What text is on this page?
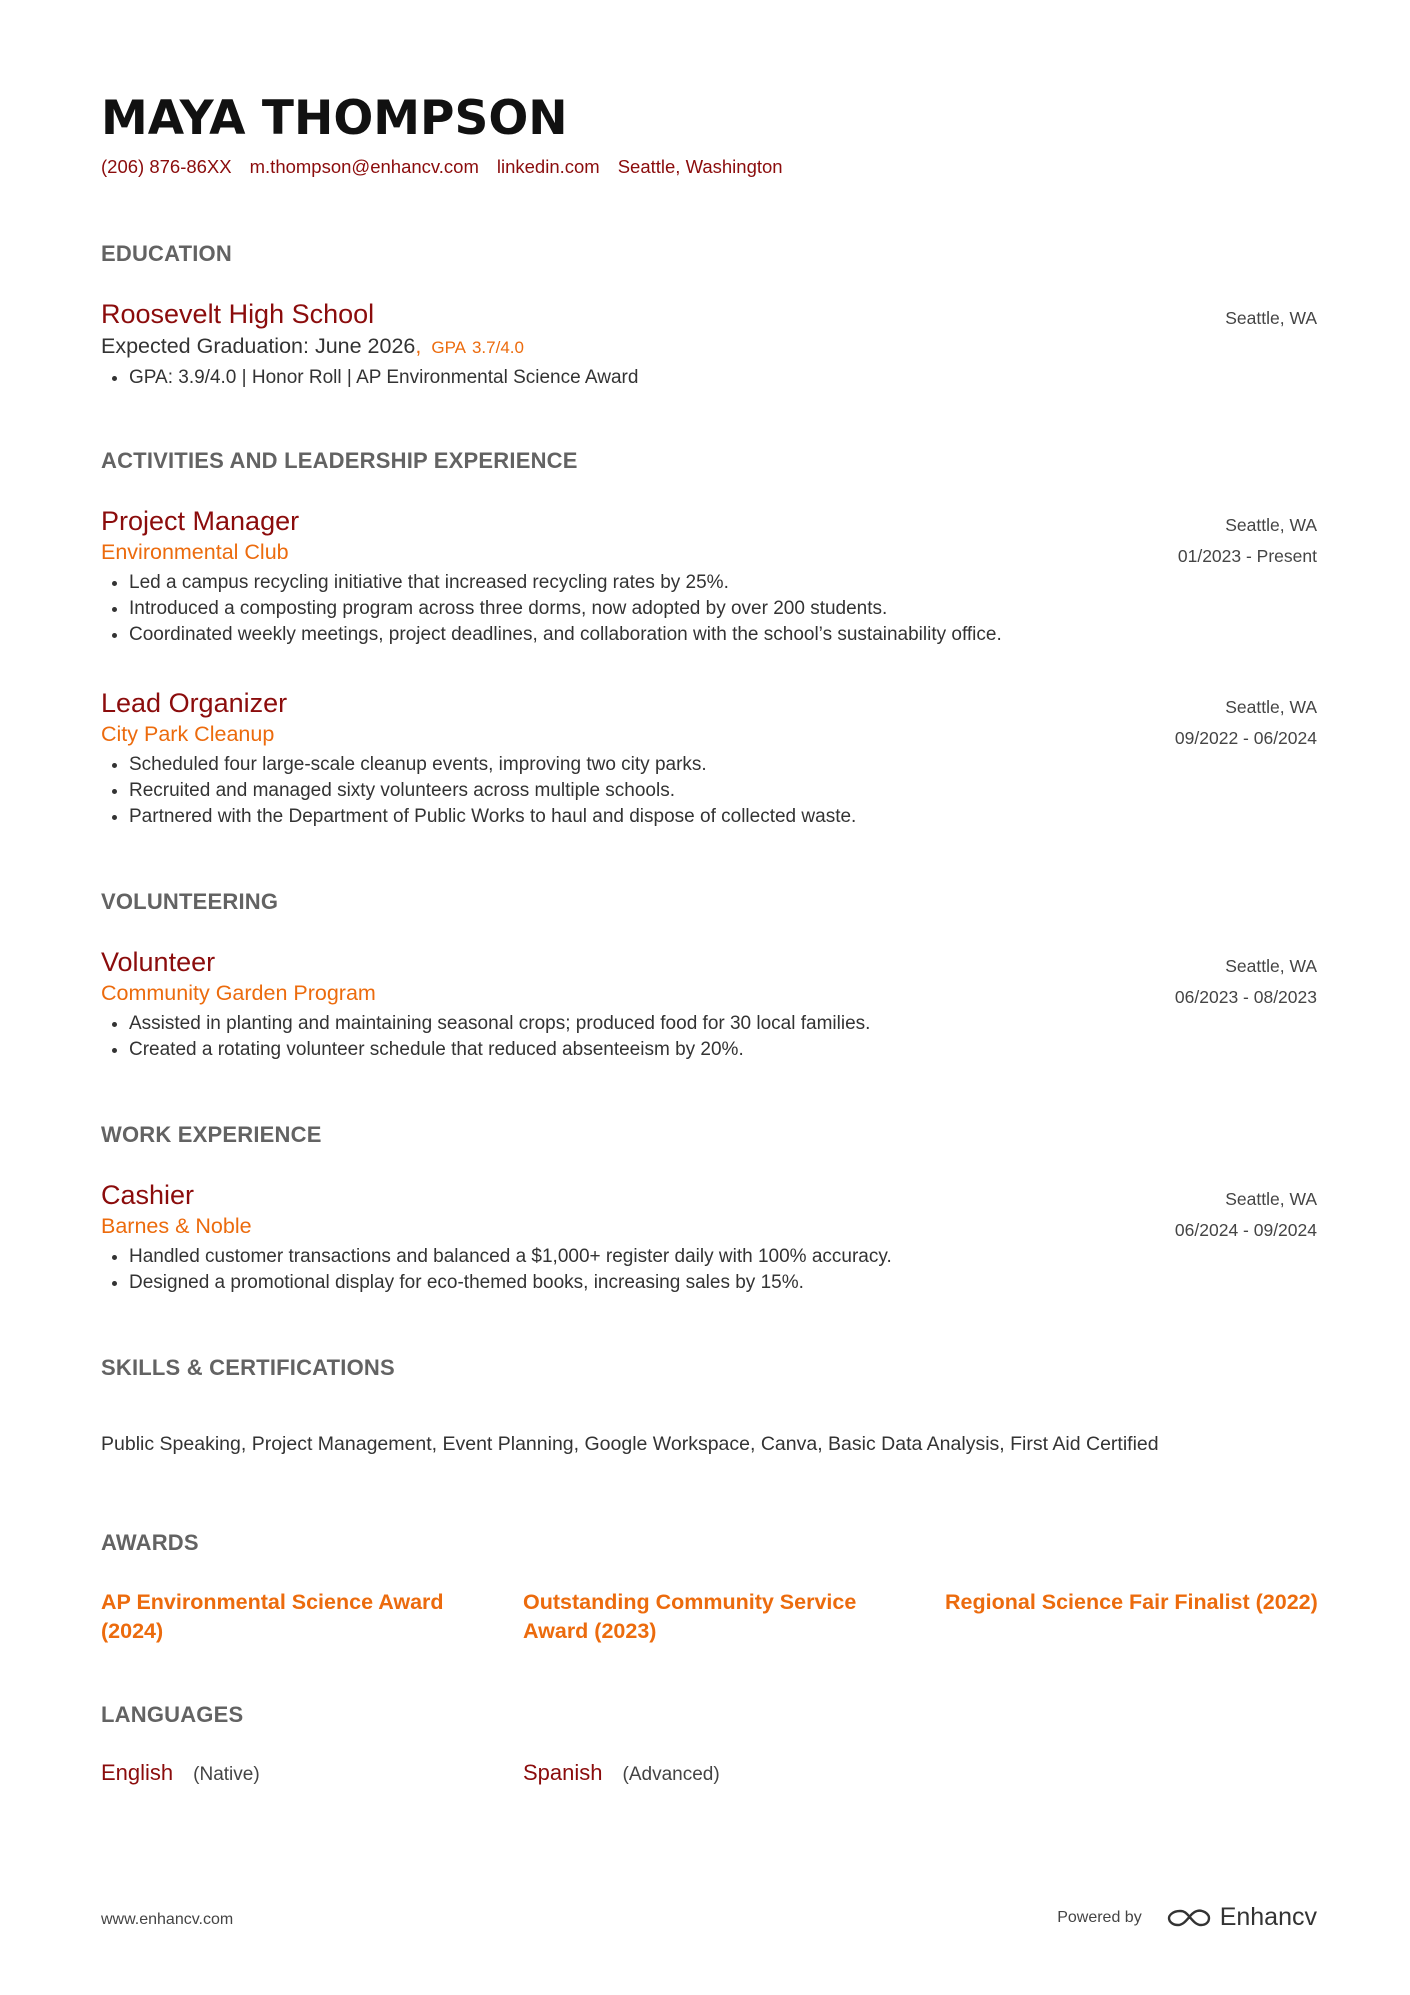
MAYA THOMPSON
(206) 876-86XX m.thompson@enhancv.com linkedin.com Seattle, Washington
EDUCATION
Roosevelt High School
Expected Graduation: June 2026, GPA 3.7/4.0
Seattle, WA
• GPA: 3.9/4.0 | Honor Roll | AP Environmental Science Award
ACTIVITIES AND LEADERSHIP EXPERIENCE
Project Manager
Environmental Club
Seattle, WA
01/2023 - Present
• Led a campus recycling initiative that increased recycling rates by 25%.
• Introduced a composting program across three dorms, now adopted by over 200 students.
• Coordinated weekly meetings, project deadlines, and collaboration with the school’s sustainability office.
Lead Organizer
City Park Cleanup
Seattle, WA
09/2022 - 06/2024
• Scheduled four large-scale cleanup events, improving two city parks.
• Recruited and managed sixty volunteers across multiple schools.
• Partnered with the Department of Public Works to haul and dispose of collected waste.
VOLUNTEERING
Volunteer
Community Garden Program
Seattle, WA
06/2023 - 08/2023
• Assisted in planting and maintaining seasonal crops; produced food for 30 local families.
• Created a rotating volunteer schedule that reduced absenteeism by 20%.
WORK EXPERIENCE
Cashier
Barnes & Noble
Seattle, WA
06/2024 - 09/2024
• Handled customer transactions and balanced a $1,000+ register daily with 100% accuracy.
• Designed a promotional display for eco-themed books, increasing sales by 15%.
SKILLS & CERTIFICATIONS
Public Speaking, Project Management, Event Planning, Google Workspace, Canva, Basic Data Analysis, First Aid Certified
AWARDS
AP Environmental Science Award (2024)
Outstanding Community Service Award (2023)
Regional Science Fair Finalist (2022)
LANGUAGES
English (Native)	Spanish (Advanced)
www.enhancv.com	Powered by	Enhancv
